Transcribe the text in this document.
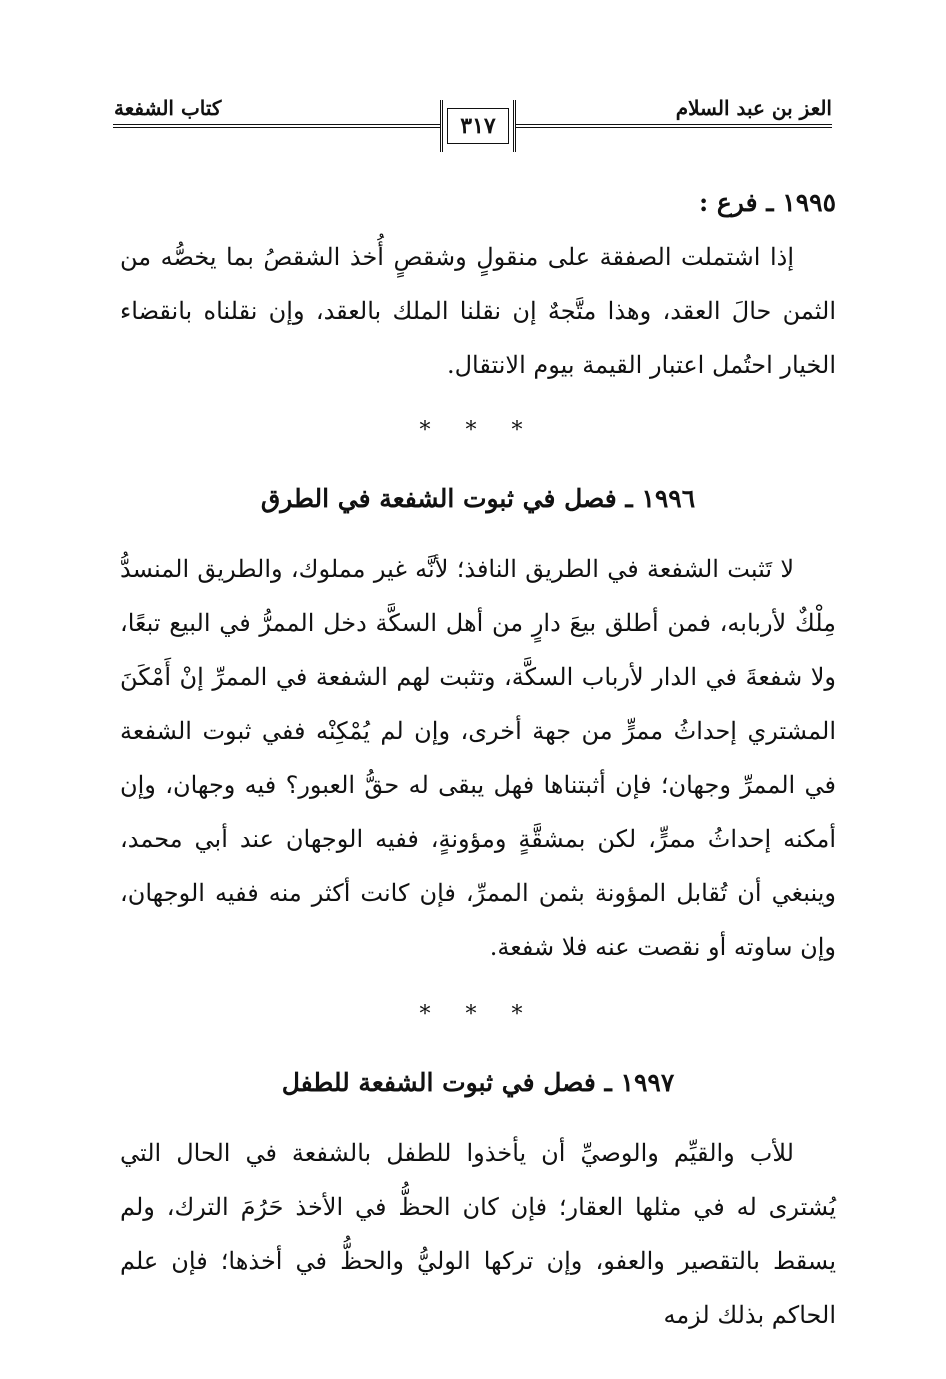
العز بن عبد السلام
٣١٧
كتاب الشفعة

١٩٩٥ ـ فرع :

إذا اشتملت الصفقة على منقولٍ وشقصٍ أُخذ الشقصُ بما يخصُّه من الثمن حالَ العقد، وهذا متَّجهٌ إن نقلنا الملك بالعقد، وإن نقلناه بانقضاء الخيار احتُمل اعتبار القيمة بيوم الانتقال.

* * *

١٩٩٦ ـ فصل في ثبوت الشفعة في الطرق

لا تَثبت الشفعة في الطريق النافذ؛ لأنَّه غير مملوك، والطريق المنسدُّ مِلْكٌ لأربابه، فمن أطلق بيعَ دارٍ من أهل السكَّة دخل الممرُّ في البيع تبعًا، ولا شفعةَ في الدار لأرباب السكَّة، وتثبت لهم الشفعة في الممرِّ إنْ أَمْكَنَ المشتري إحداثُ ممرٍّ من جهة أخرى، وإن لم يُمْكِنْه ففي ثبوت الشفعة في الممرِّ وجهان؛ فإن أثبتناها فهل يبقى له حقُّ العبور؟ فيه وجهان، وإن أمكنه إحداثُ ممرٍّ، لكن بمشقَّةٍ ومؤونةٍ، ففيه الوجهان عند أبي محمد، وينبغي أن تُقابل المؤونة بثمن الممرِّ، فإن كانت أكثر منه ففيه الوجهان، وإن ساوته أو نقصت عنه فلا شفعة.

* * *

١٩٩٧ ـ فصل في ثبوت الشفعة للطفل

للأب والقيِّم والوصيِّ أن يأخذوا للطفل بالشفعة في الحال التي يُشترى له في مثلها العقار؛ فإن كان الحظُّ في الأخذ حَرُمَ الترك، ولم يسقط بالتقصير والعفو، وإن تركها الوليُّ والحظُّ في أخذها؛ فإن علم الحاكم بذلك لزمه
